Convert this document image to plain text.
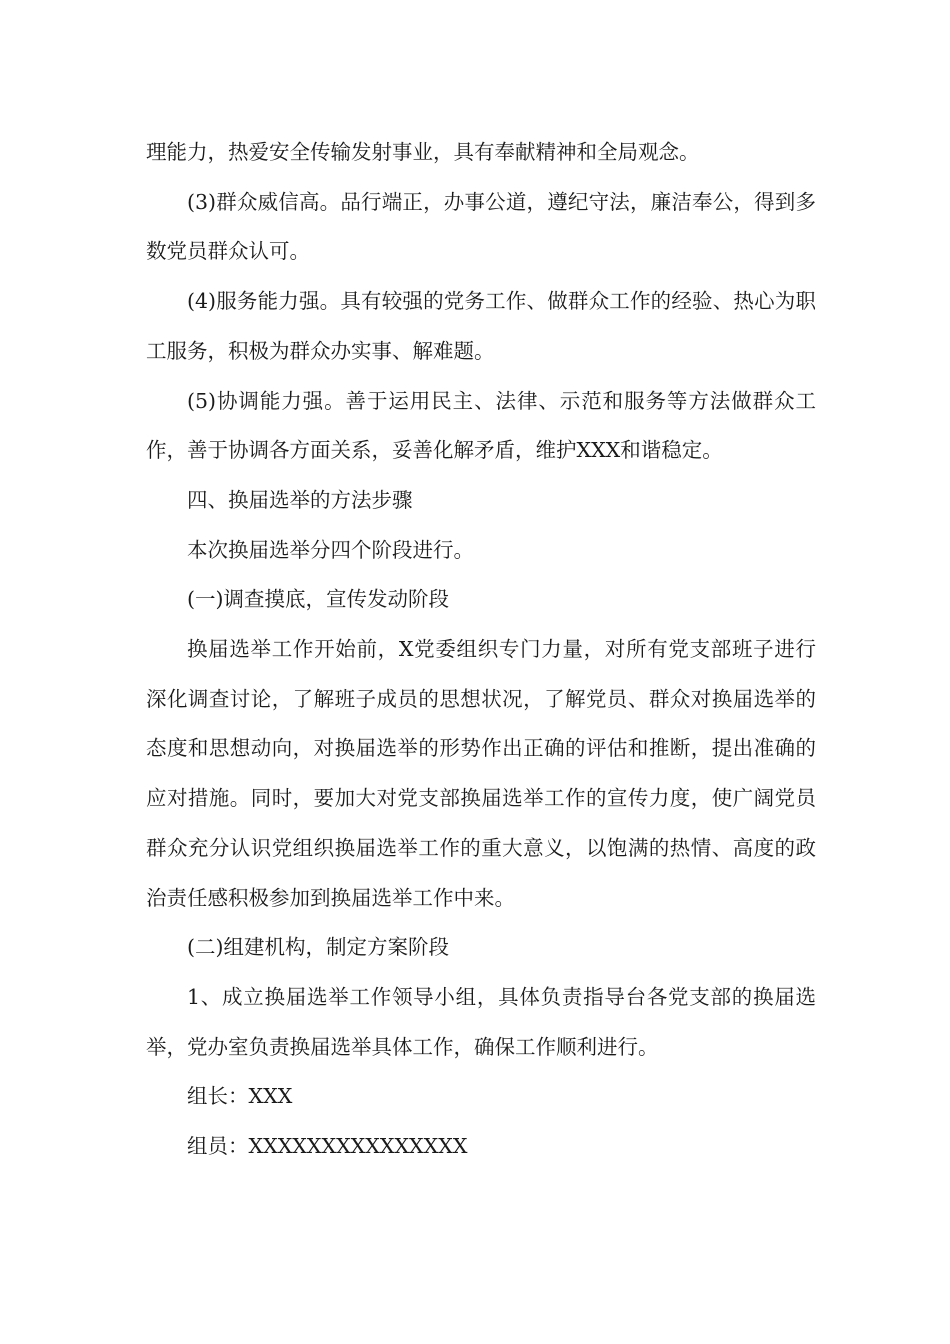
理能力，热爱安全传输发射事业，具有奉献精神和全局观念。

(3)群众威信高。品行端正，办事公道，遵纪守法，廉洁奉公，得到多数党员群众认可。

(4)服务能力强。具有较强的党务工作、做群众工作的经验、热心为职工服务，积极为群众办实事、解难题。

(5)协调能力强。善于运用民主、法律、示范和服务等方法做群众工作，善于协调各方面关系，妥善化解矛盾，维护XXX和谐稳定。

四、换届选举的方法步骤

本次换届选举分四个阶段进行。

(一)调查摸底，宣传发动阶段

换届选举工作开始前，X党委组织专门力量，对所有党支部班子进行深化调查讨论，了解班子成员的思想状况，了解党员、群众对换届选举的态度和思想动向，对换届选举的形势作出正确的评估和推断，提出准确的应对措施。同时，要加大对党支部换届选举工作的宣传力度，使广阔党员群众充分认识党组织换届选举工作的重大意义，以饱满的热情、高度的政治责任感积极参加到换届选举工作中来。

(二)组建机构，制定方案阶段

1、成立换届选举工作领导小组，具体负责指导台各党支部的换届选举，党办室负责换届选举具体工作，确保工作顺利进行。

组长：XXX

组员：XXXXXXXXXXXXXXX
